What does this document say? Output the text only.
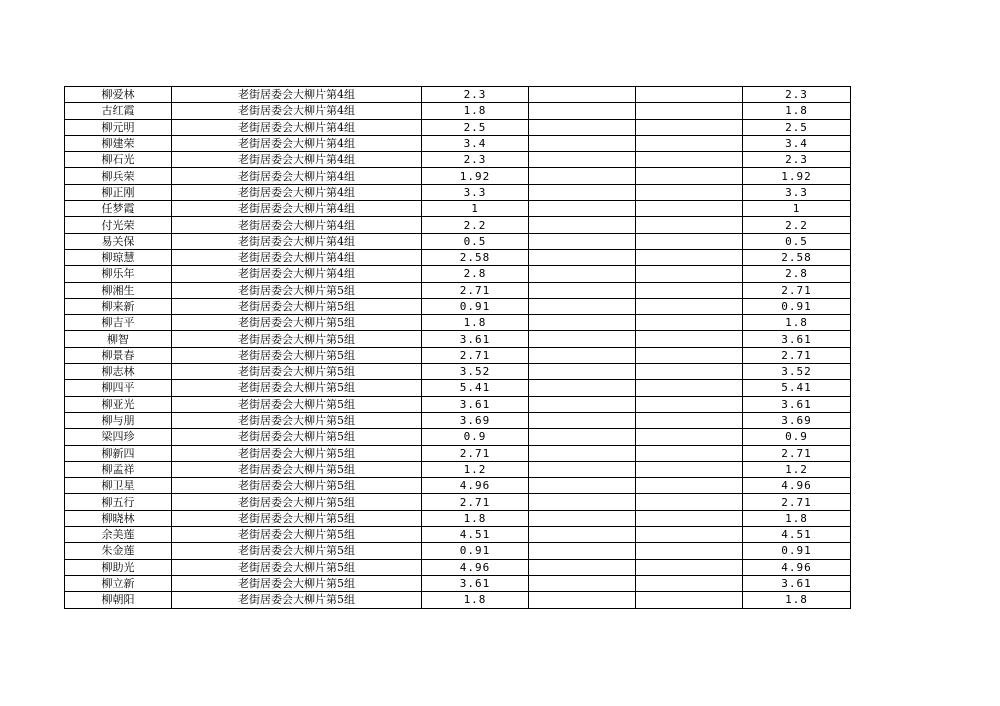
柳爱林	老街居委会大柳片第4组	2.3			2.3
古红霞	老街居委会大柳片第4组	1.8			1.8
柳元明	老街居委会大柳片第4组	2.5			2.5
柳建荣	老街居委会大柳片第4组	3.4			3.4
柳石光	老街居委会大柳片第4组	2.3			2.3
柳兵荣	老街居委会大柳片第4组	1.92			1.92
柳正刚	老街居委会大柳片第4组	3.3			3.3
任梦霞	老街居委会大柳片第4组	1			1
付光荣	老街居委会大柳片第4组	2.2			2.2
易关保	老街居委会大柳片第4组	0.5			0.5
柳琼慧	老街居委会大柳片第4组	2.58			2.58
柳乐年	老街居委会大柳片第4组	2.8			2.8
柳湘生	老街居委会大柳片第5组	2.71			2.71
柳来新	老街居委会大柳片第5组	0.91			0.91
柳吉平	老街居委会大柳片第5组	1.8			1.8
柳智	老街居委会大柳片第5组	3.61			3.61
柳景春	老街居委会大柳片第5组	2.71			2.71
柳志林	老街居委会大柳片第5组	3.52			3.52
柳四平	老街居委会大柳片第5组	5.41			5.41
柳亚光	老街居委会大柳片第5组	3.61			3.61
柳与朋	老街居委会大柳片第5组	3.69			3.69
梁四珍	老街居委会大柳片第5组	0.9			0.9
柳新四	老街居委会大柳片第5组	2.71			2.71
柳孟祥	老街居委会大柳片第5组	1.2			1.2
柳卫星	老街居委会大柳片第5组	4.96			4.96
柳五行	老街居委会大柳片第5组	2.71			2.71
柳晓林	老街居委会大柳片第5组	1.8			1.8
余美莲	老街居委会大柳片第5组	4.51			4.51
朱金莲	老街居委会大柳片第5组	0.91			0.91
柳助光	老街居委会大柳片第5组	4.96			4.96
柳立新	老街居委会大柳片第5组	3.61			3.61
柳朝阳	老街居委会大柳片第5组	1.8			1.8
